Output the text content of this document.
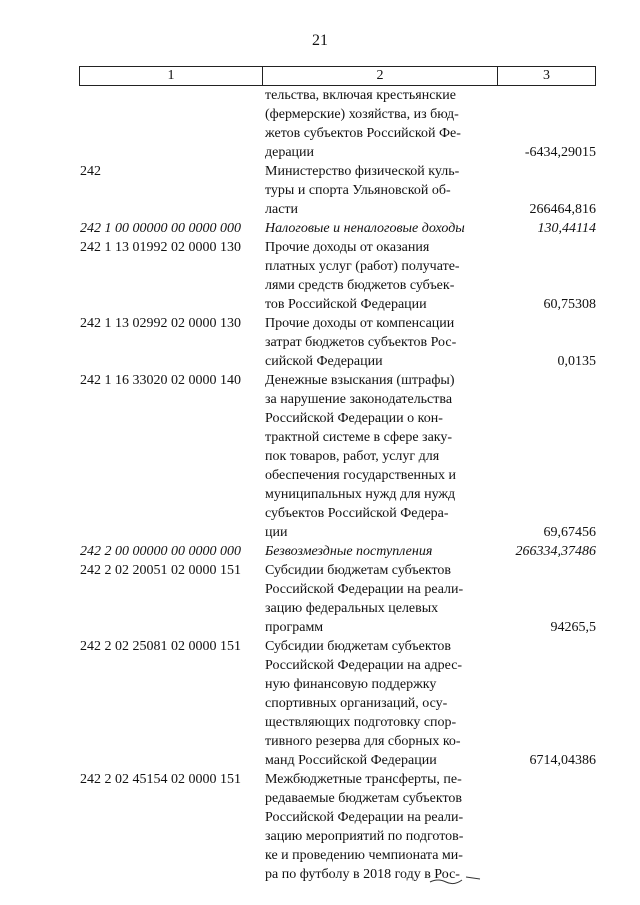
21
1	2	3
тельства, включая крестьянские
(фермерские) хозяйства, из бюд-
жетов субъектов Российской Фе-
дерации	-6434,29015
242	Министерство физической куль-
туры и спорта Ульяновской об-
ласти	266464,816
242 1 00 00000 00 0000 000	Налоговые и неналоговые доходы	130,44114
242 1 13 01992 02 0000 130	Прочие доходы от оказания
платных услуг (работ) получате-
лями средств бюджетов субъек-
тов Российской Федерации	60,75308
242 1 13 02992 02 0000 130	Прочие доходы от компенсации
затрат бюджетов субъектов Рос-
сийской Федерации	0,0135
242 1 16 33020 02 0000 140	Денежные взыскания (штрафы)
за нарушение законодательства
Российской Федерации о кон-
трактной системе в сфере заку-
пок товаров, работ, услуг для
обеспечения государственных и
муниципальных нужд для нужд
субъектов Российской Федера-
ции	69,67456
242 2 00 00000 00 0000 000	Безвозмездные поступления	266334,37486
242 2 02 20051 02 0000 151	Субсидии бюджетам субъектов
Российской Федерации на реали-
зацию федеральных целевых
программ	94265,5
242 2 02 25081 02 0000 151	Субсидии бюджетам субъектов
Российской Федерации на адрес-
ную финансовую поддержку
спортивных организаций, осу-
ществляющих подготовку спор-
тивного резерва для сборных ко-
манд Российской Федерации	6714,04386
242 2 02 45154 02 0000 151	Межбюджетные трансферты, пе-
редаваемые бюджетам субъектов
Российской Федерации на реали-
зацию мероприятий по подготов-
ке и проведению чемпионата ми-
ра по футболу в 2018 году в Рос-
